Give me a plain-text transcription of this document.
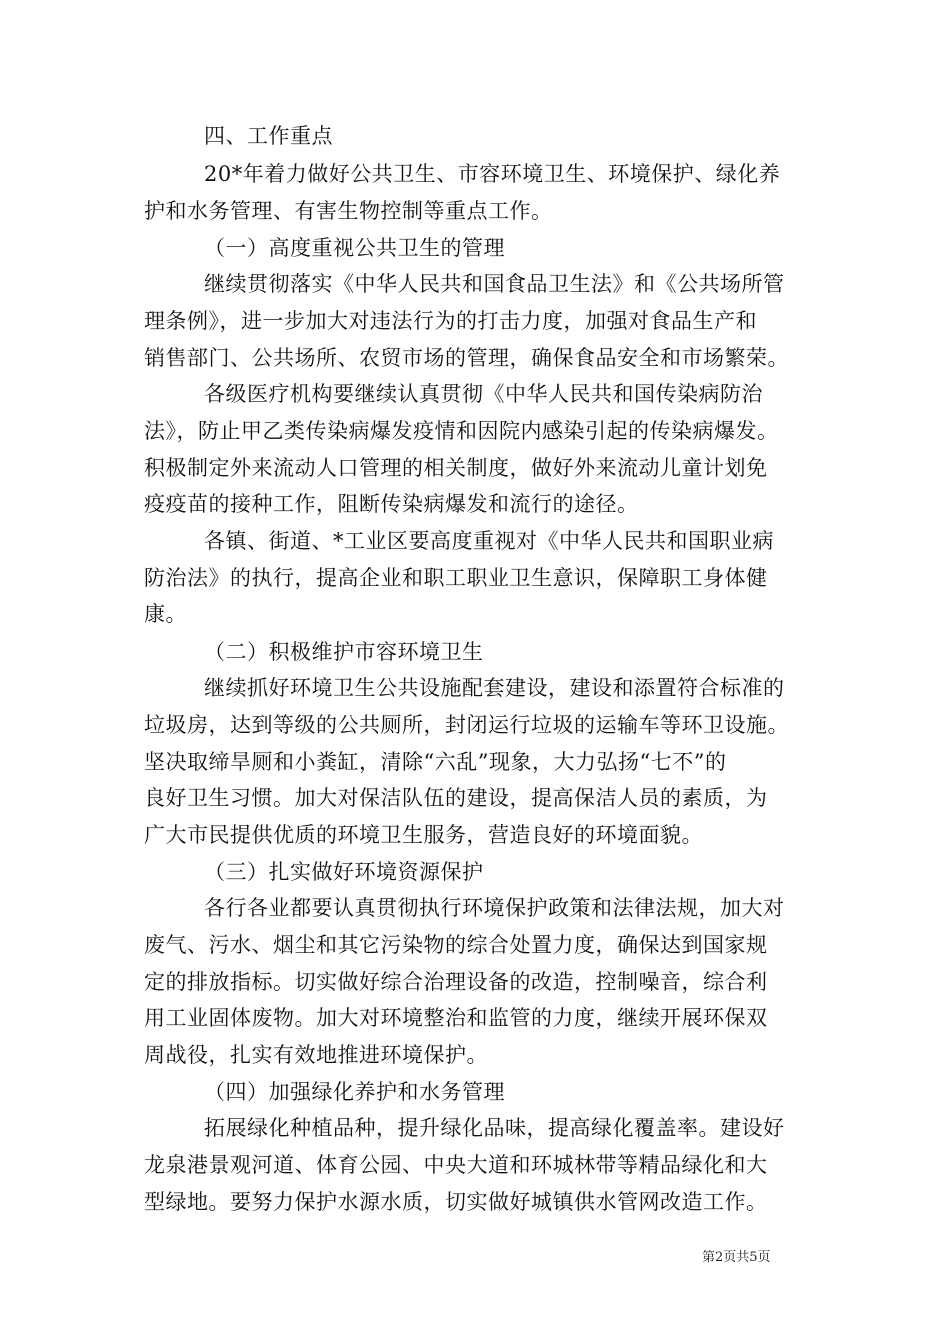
四、工作重点
20*年着力做好公共卫生、市容环境卫生、环境保护、绿化养
护和水务管理、有害生物控制等重点工作。
（一）高度重视公共卫生的管理
继续贯彻落实《中华人民共和国食品卫生法》和《公共场所管
理条例》，进一步加大对违法行为的打击力度，加强对食品生产和
销售部门、公共场所、农贸市场的管理，确保食品安全和市场繁荣。
各级医疗机构要继续认真贯彻《中华人民共和国传染病防治
法》，防止甲乙类传染病爆发疫情和因院内感染引起的传染病爆发。
积极制定外来流动人口管理的相关制度，做好外来流动儿童计划免
疫疫苗的接种工作，阻断传染病爆发和流行的途径。
各镇、街道、*工业区要高度重视对《中华人民共和国职业病
防治法》的执行，提高企业和职工职业卫生意识，保障职工身体健
康。
（二）积极维护市容环境卫生
继续抓好环境卫生公共设施配套建设，建设和添置符合标准的
垃圾房，达到等级的公共厕所，封闭运行垃圾的运输车等环卫设施。
坚决取缔旱厕和小粪缸，清除“六乱”现象，大力弘扬“七不”的
良好卫生习惯。加大对保洁队伍的建设，提高保洁人员的素质，为
广大市民提供优质的环境卫生服务，营造良好的环境面貌。
（三）扎实做好环境资源保护
各行各业都要认真贯彻执行环境保护政策和法律法规，加大对
废气、污水、烟尘和其它污染物的综合处置力度，确保达到国家规
定的排放指标。切实做好综合治理设备的改造，控制噪音，综合利
用工业固体废物。加大对环境整治和监管的力度，继续开展环保双
周战役，扎实有效地推进环境保护。
（四）加强绿化养护和水务管理
拓展绿化种植品种，提升绿化品味，提高绿化覆盖率。建设好
龙泉港景观河道、体育公园、中央大道和环城林带等精品绿化和大
型绿地。要努力保护水源水质，切实做好城镇供水管网改造工作。
第2页共5页
